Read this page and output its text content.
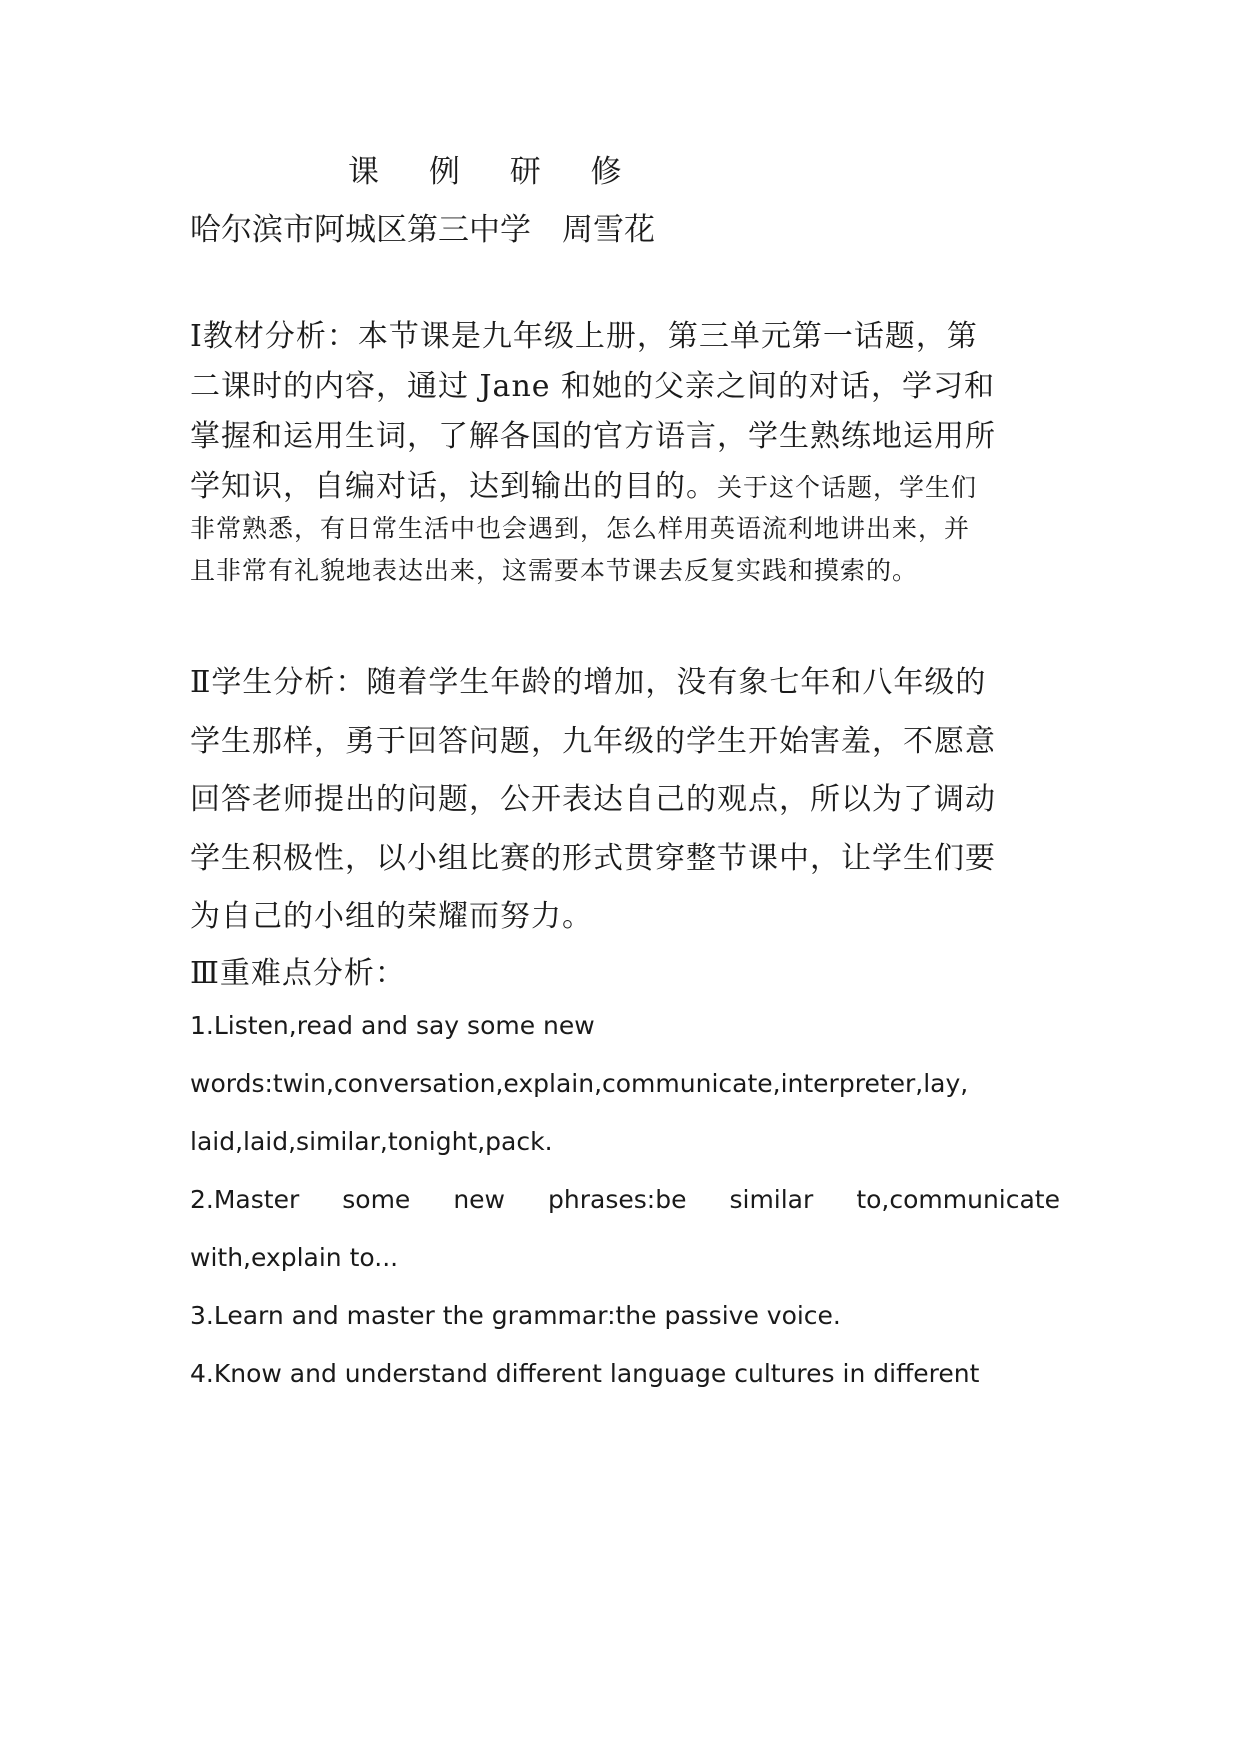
课 例 研 修
哈尔滨市阿城区第三中学　周雪花
Ⅰ教材分析：本节课是九年级上册，第三单元第一话题，第
二课时的内容，通过 Jane 和她的父亲之间的对话，学习和
掌握和运用生词，了解各国的官方语言，学生熟练地运用所
学知识，自编对话，达到输出的目的。关于这个话题，学生们
非常熟悉，有日常生活中也会遇到，怎么样用英语流利地讲出来，并
且非常有礼貌地表达出来，这需要本节课去反复实践和摸索的。
Ⅱ学生分析：随着学生年龄的增加，没有象七年和八年级的
学生那样，勇于回答问题，九年级的学生开始害羞，不愿意
回答老师提出的问题，公开表达自己的观点，所以为了调动
学生积极性，以小组比赛的形式贯穿整节课中，让学生们要
为自己的小组的荣耀而努力。
Ⅲ重难点分析：
1.Listen,read and say some new
words:twin,conversation,explain,communicate,interpreter,lay,
laid,laid,similar,tonight,pack.
2.Master some new phrases:be similar to,communicate
with,explain to...
3.Learn and master the grammar:the passive voice.
4.Know and understand different language cultures in different
